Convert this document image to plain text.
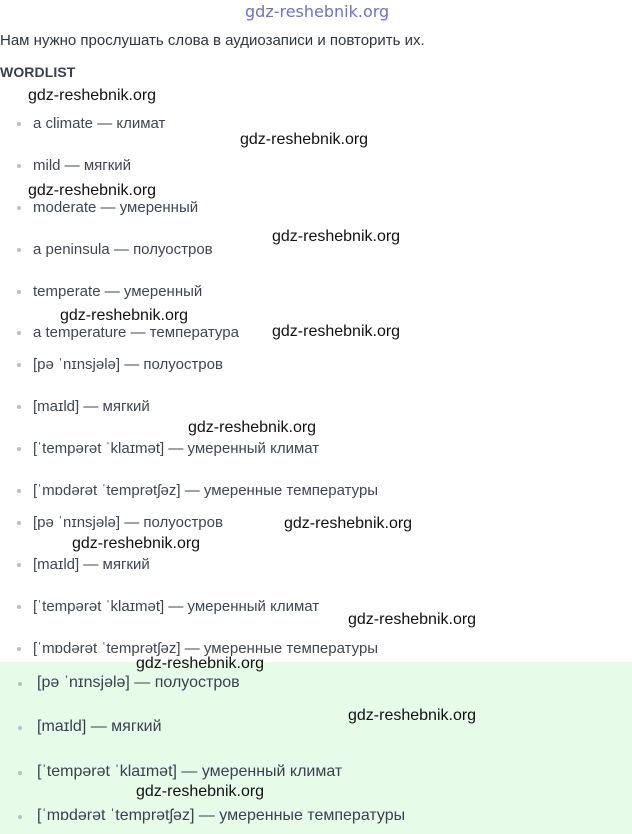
gdz-reshebnik.org
Нам нужно прослушать слова в аудиозаписи и повторить их.
WORDLIST
a climate — климат
mild — мягкий
moderate — умеренный
a peninsula — полуостров
temperate — умеренный
a temperature — температура
[pə ˈnɪnsjələ] — полуостров
[maɪld] — мягкий
[ˈtempərət ˈklaɪmət] — умеренный климат
[ˈmɒdərət ˈtemprətʃəz] — умеренные температуры
[pə ˈnɪnsjələ] — полуостров
[maɪld] — мягкий
[ˈtempərət ˈklaɪmət] — умеренный климат
[ˈmɒdərət ˈtemprətʃəz] — умеренные температуры
[pə ˈnɪnsjələ] — полуостров
[maɪld] — мягкий
[ˈtempərət ˈklaɪmət] — умеренный климат
[ˈmɒdərət ˈtemprətʃəz] — умеренные температуры
gdz-reshebnik.org
gdz-reshebnik.org
gdz-reshebnik.org
gdz-reshebnik.org
gdz-reshebnik.org
gdz-reshebnik.org
gdz-reshebnik.org
gdz-reshebnik.org
gdz-reshebnik.org
gdz-reshebnik.org
gdz-reshebnik.org
gdz-reshebnik.org
gdz-reshebnik.org
